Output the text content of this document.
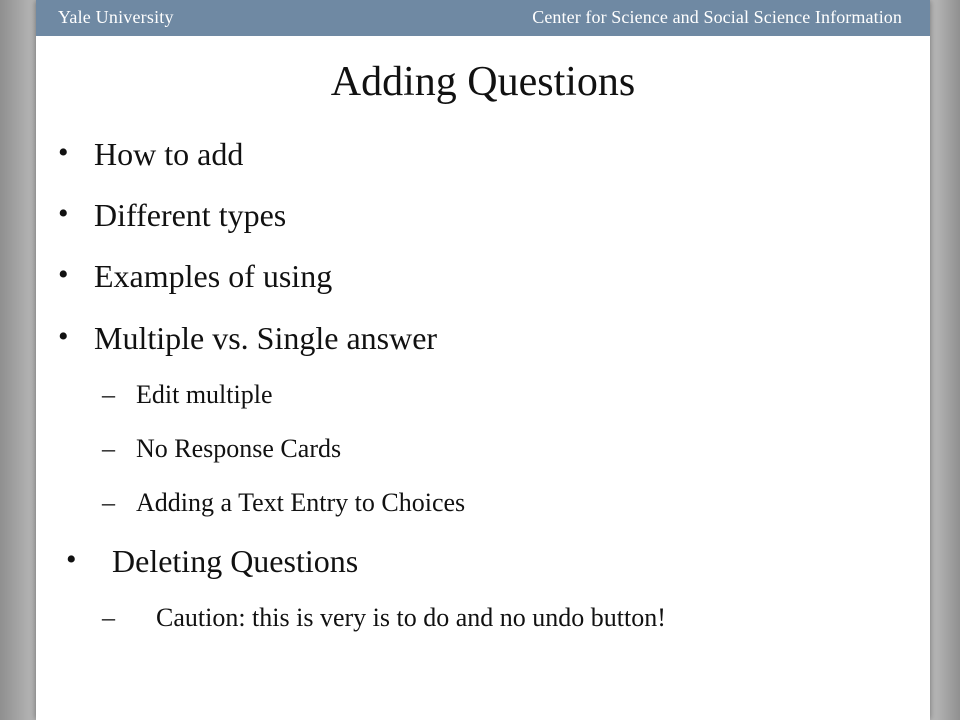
Yale University	Center for Science and Social Science Information
Adding Questions
• How to add
• Different types
• Examples of using
• Multiple vs. Single answer
– Edit multiple
– No Response Cards
– Adding a Text Entry to Choices
• Deleting Questions
– Caution: this is very is to do and no undo button!
